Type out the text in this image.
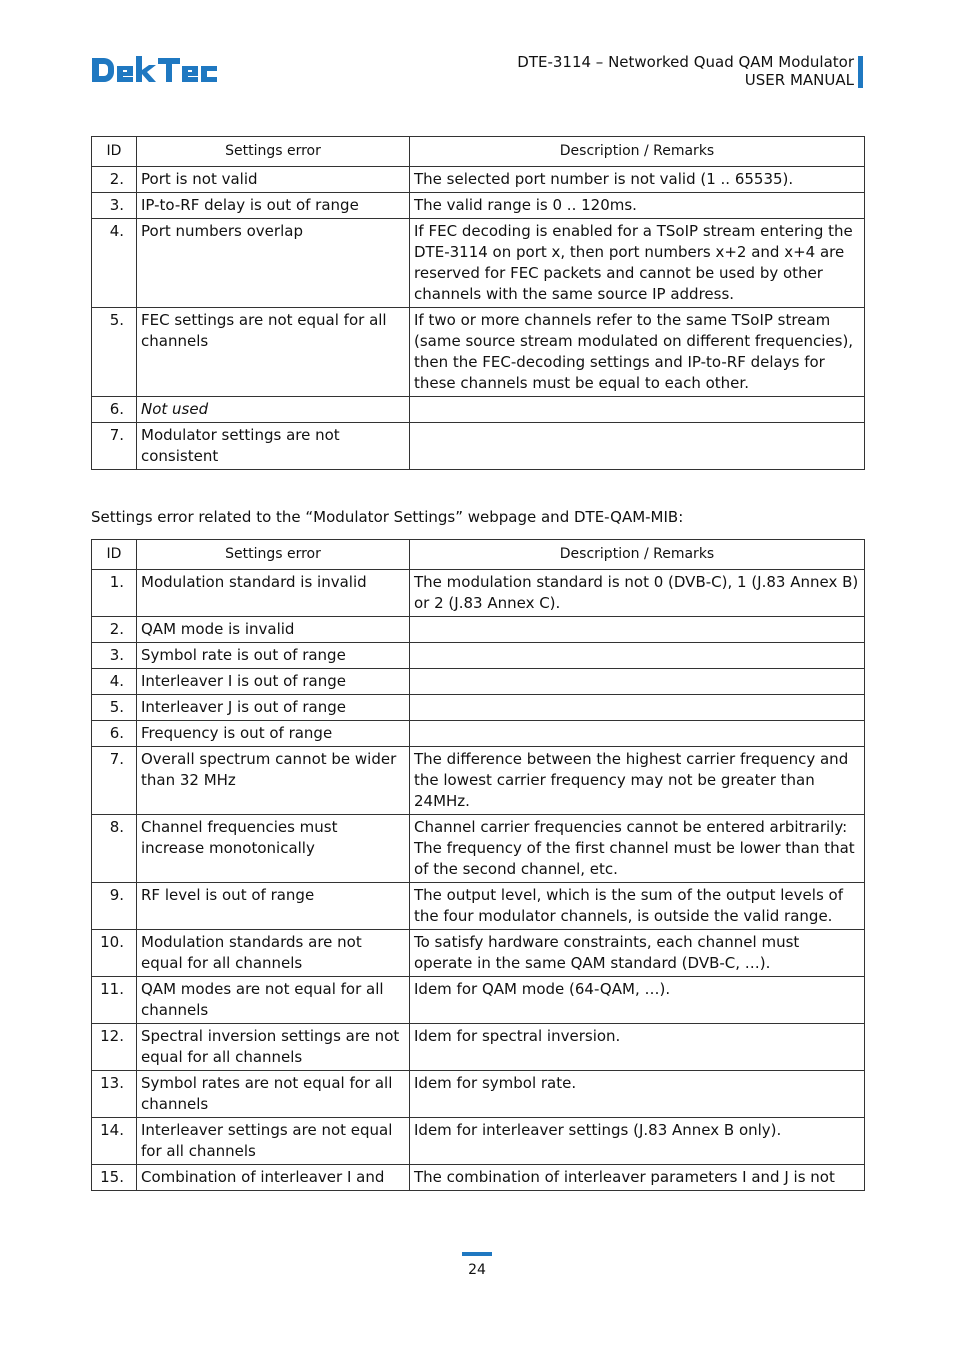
DTE-3114 – Networked Quad QAM Modulator
USER MANUAL
ID	Settings error	Description / Remarks
2.	Port is not valid	The selected port number is not valid (1 .. 65535).
3.	IP-to-RF delay is out of range	The valid range is 0 .. 120ms.
4.	Port numbers overlap	If FEC decoding is enabled for a TSoIP stream entering the DTE-3114 on port x, then port numbers x+2 and x+4 are reserved for FEC packets and cannot be used by other channels with the same source IP address.
5.	FEC settings are not equal for all channels	If two or more channels refer to the same TSoIP stream (same source stream modulated on different frequencies), then the FEC-decoding settings and IP-to-RF delays for these channels must be equal to each other.
6.	Not used	
7.	Modulator settings are not consistent	
Settings error related to the “Modulator Settings” webpage and DTE-QAM-MIB:
ID	Settings error	Description / Remarks
1.	Modulation standard is invalid	The modulation standard is not 0 (DVB-C), 1 (J.83 Annex B) or 2 (J.83 Annex C).
2.	QAM mode is invalid	
3.	Symbol rate is out of range	
4.	Interleaver I is out of range	
5.	Interleaver J is out of range	
6.	Frequency is out of range	
7.	Overall spectrum cannot be wider than 32 MHz	The difference between the highest carrier frequency and the lowest carrier frequency may not be greater than 24MHz.
8.	Channel frequencies must increase monotonically	Channel carrier frequencies cannot be entered arbitrarily: The frequency of the first channel must be lower than that of the second channel, etc.
9.	RF level is out of range	The output level, which is the sum of the output levels of the four modulator channels, is outside the valid range.
10.	Modulation standards are not equal for all channels	To satisfy hardware constraints, each channel must operate in the same QAM standard (DVB-C, …).
11.	QAM modes are not equal for all channels	Idem for QAM mode (64-QAM, …).
12.	Spectral inversion settings are not equal for all channels	Idem for spectral inversion.
13.	Symbol rates are not equal for all channels	Idem for symbol rate.
14.	Interleaver settings are not equal for all channels	Idem for interleaver settings (J.83 Annex B only).
15.	Combination of interleaver I and	The combination of interleaver parameters I and J is not
24
